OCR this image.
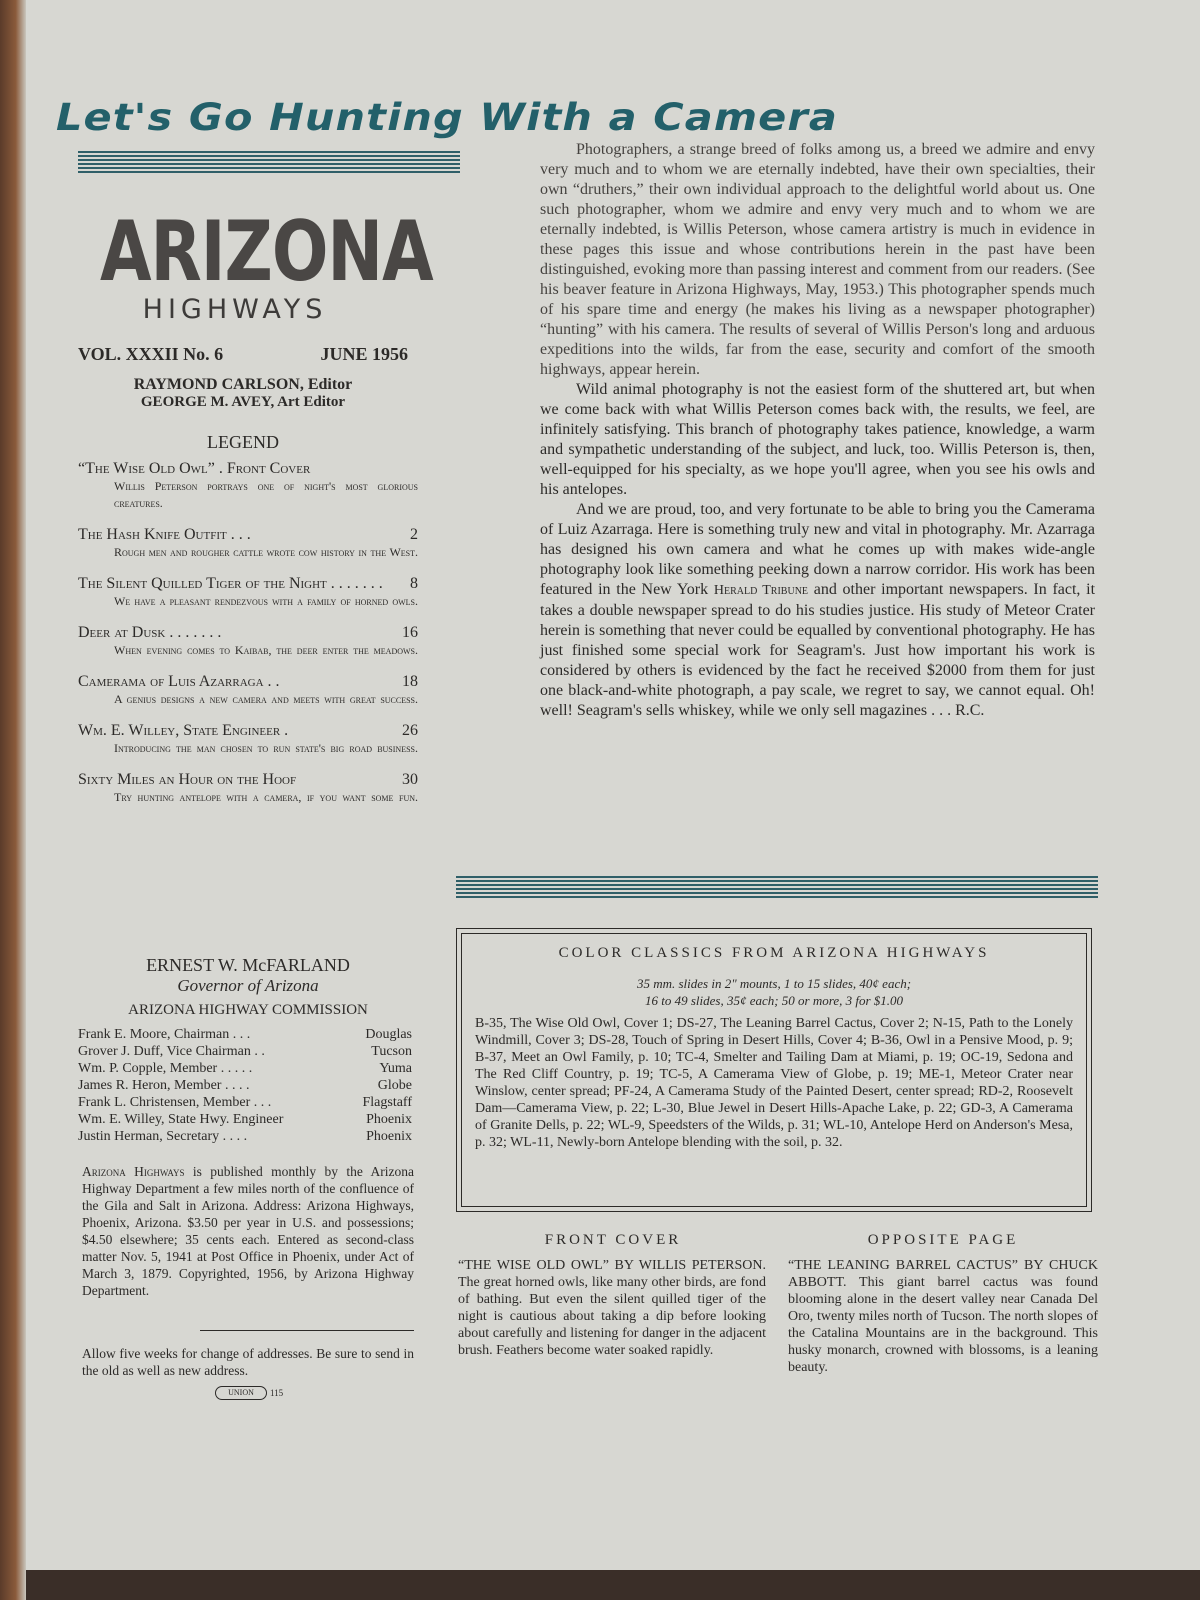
Let's Go Hunting With a Camera
ARIZONA
HIGHWAYS
VOL. XXXII No. 6	JUNE 1956
RAYMOND CARLSON, Editor
GEORGE M. AVEY, Art Editor
LEGEND
“The Wise Old Owl” . Front Cover
Willis Peterson portrays one of night's most glorious creatures.
The Hash Knife Outfit . . .	2
Rough men and rougher cattle wrote cow history in the West.
The Silent Quilled Tiger of the Night . . . . . . . 8
We have a pleasant rendezvous with a family of horned owls.
Deer at Dusk . . . . . . .	16
When evening comes to Kaibab, the deer enter the meadows.
Camerama of Luis Azarraga . .	18
A genius designs a new camera and meets with great success.
Wm. E. Willey, State Engineer .	26
Introducing the man chosen to run state's big road business.
Sixty Miles an Hour on the Hoof	30
Try hunting antelope with a camera, if you want some fun.
ERNEST W. McFARLAND
Governor of Arizona
ARIZONA HIGHWAY COMMISSION
Frank E. Moore, Chairman . . .	Douglas
Grover J. Duff, Vice Chairman . .	Tucson
Wm. P. Copple, Member . . . . .	Yuma
James R. Heron, Member . . . .	Globe
Frank L. Christensen, Member . . .	Flagstaff
Wm. E. Willey, State Hwy. Engineer	Phoenix
Justin Herman, Secretary . . . .	Phoenix
Arizona Highways is published monthly by the Arizona Highway Department a few miles north of the confluence of the Gila and Salt in Arizona. Address: Arizona Highways, Phoenix, Arizona. $3.50 per year in U.S. and possessions; $4.50 elsewhere; 35 cents each. Entered as second-class matter Nov. 5, 1941 at Post Office in Phoenix, under Act of March 3, 1879. Copyrighted, 1956, by Arizona Highway Department.
Allow five weeks for change of addresses. Be sure to send in the old as well as new address.
UNION	115

Photographers, a strange breed of folks among us, a breed we admire and envy very much and to whom we are eternally indebted, have their own specialties, their own “druthers,” their own individual approach to the delightful world about us. One such photographer, whom we admire and envy very much and to whom we are eternally indebted, is Willis Peterson, whose camera artistry is much in evidence in these pages this issue and whose contributions herein in the past have been distinguished, evoking more than passing interest and comment from our readers. (See his beaver feature in Arizona Highways, May, 1953.) This photographer spends much of his spare time and energy (he makes his living as a newspaper photographer) “hunting” with his camera. The results of several of Willis Person's long and arduous expeditions into the wilds, far from the ease, security and comfort of the smooth highways, appear herein.

Wild animal photography is not the easiest form of the shuttered art, but when we come back with what Willis Peterson comes back with, the results, we feel, are infinitely satisfying. This branch of photography takes patience, knowledge, a warm and sympathetic understanding of the subject, and luck, too. Willis Peterson is, then, well-equipped for his specialty, as we hope you'll agree, when you see his owls and his antelopes.

And we are proud, too, and very fortunate to be able to bring you the Camerama of Luiz Azarraga. Here is something truly new and vital in photography. Mr. Azarraga has designed his own camera and what he comes up with makes wide-angle photography look like something peeking down a narrow corridor. His work has been featured in the New York Herald Tribune and other important newspapers. In fact, it takes a double newspaper spread to do his studies justice. His study of Meteor Crater herein is something that never could be equalled by conventional photography. He has just finished some special work for Seagram's. Just how important his work is considered by others is evidenced by the fact he received $2000 from them for just one black-and-white photograph, a pay scale, we regret to say, we cannot equal. Oh! well! Seagram's sells whiskey, while we only sell magazines . . . R.C.

COLOR CLASSICS FROM ARIZONA HIGHWAYS
35 mm. slides in 2" mounts, 1 to 15 slides, 40¢ each;
16 to 49 slides, 35¢ each; 50 or more, 3 for $1.00
B-35, The Wise Old Owl, Cover 1; DS-27, The Leaning Barrel Cactus, Cover 2; N-15, Path to the Lonely Windmill, Cover 3; DS-28, Touch of Spring in Desert Hills, Cover 4; B-36, Owl in a Pensive Mood, p. 9; B-37, Meet an Owl Family, p. 10; TC-4, Smelter and Tailing Dam at Miami, p. 19; OC-19, Sedona and The Red Cliff Country, p. 19; TC-5, A Camerama View of Globe, p. 19; ME-1, Meteor Crater near Winslow, center spread; PF-24, A Camerama Study of the Painted Desert, center spread; RD-2, Roosevelt Dam—Camerama View, p. 22; L-30, Blue Jewel in Desert Hills-Apache Lake, p. 22; GD-3, A Camerama of Granite Dells, p. 22; WL-9, Speedsters of the Wilds, p. 31; WL-10, Antelope Herd on Anderson's Mesa, p. 32; WL-11, Newly-born Antelope blending with the soil, p. 32.
FRONT COVER
“THE WISE OLD OWL” BY WILLIS PETERSON. The great horned owls, like many other birds, are fond of bathing. But even the silent quilled tiger of the night is cautious about taking a dip before looking about carefully and listening for danger in the adjacent brush. Feathers become water soaked rapidly.
OPPOSITE PAGE
“THE LEANING BARREL CACTUS” BY CHUCK ABBOTT. This giant barrel cactus was found blooming alone in the desert valley near Canada Del Oro, twenty miles north of Tucson. The north slopes of the Catalina Mountains are in the background. This husky monarch, crowned with blossoms, is a leaning beauty.
